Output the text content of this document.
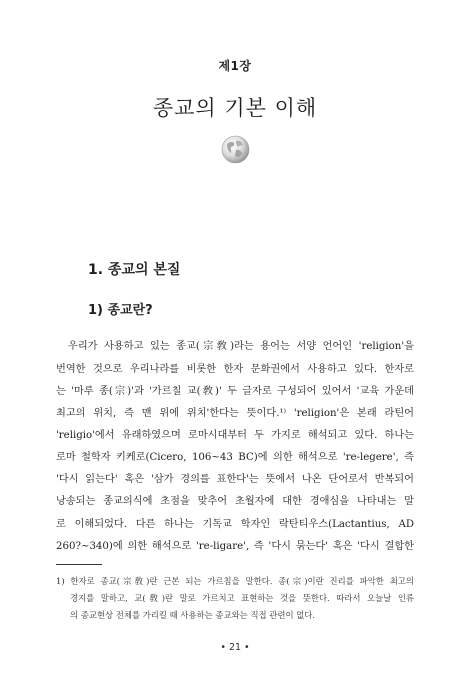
제1장
종교의 기본 이해
1. 종교의 본질
1) 종교란?
우리가 사용하고 있는 종교(宗敎)라는 용어는 서양 언어인 'religion'을
번역한 것으로 우리나라를 비롯한 한자 문화권에서 사용하고 있다. 한자로
는 '마루 종(宗)'과 '가르칠 교(敎)' 두 글자로 구성되어 있어서 '교육 가운데
최고의 위치, 즉 맨 위에 위치'한다는 뜻이다.¹⁾ 'religion'은 본래 라틴어
'religio'에서 유래하였으며 로마시대부터 두 가지로 해석되고 있다. 하나는
로마 철학자 키케로(Cicero, 106~43 BC)에 의한 해석으로 're-legere', 즉
'다시 읽는다' 혹은 '삼가 경의를 표한다'는 뜻에서 나온 단어로서 반복되어
낭송되는 종교의식에 초점을 맞추어 초월자에 대한 경애심을 나타내는 말
로 이해되었다. 다른 하나는 기독교 학자인 락탄티우스(Lactantius, AD
260?~340)에 의한 해석으로 're-ligare', 즉 '다시 묶는다' 혹은 '다시 결합한
1) 한자로 종교(宗敎)란 근본 되는 가르침을 말한다. 종(宗)이란 진리를 파악한 최고의
경지를 말하고, 교(敎)란 말로 가르치고 표현하는 것을 뜻한다. 따라서 오늘날 인류
의 종교현상 전체를 가리킬 때 사용하는 종교와는 직접 관련이 없다.
• 21 •
